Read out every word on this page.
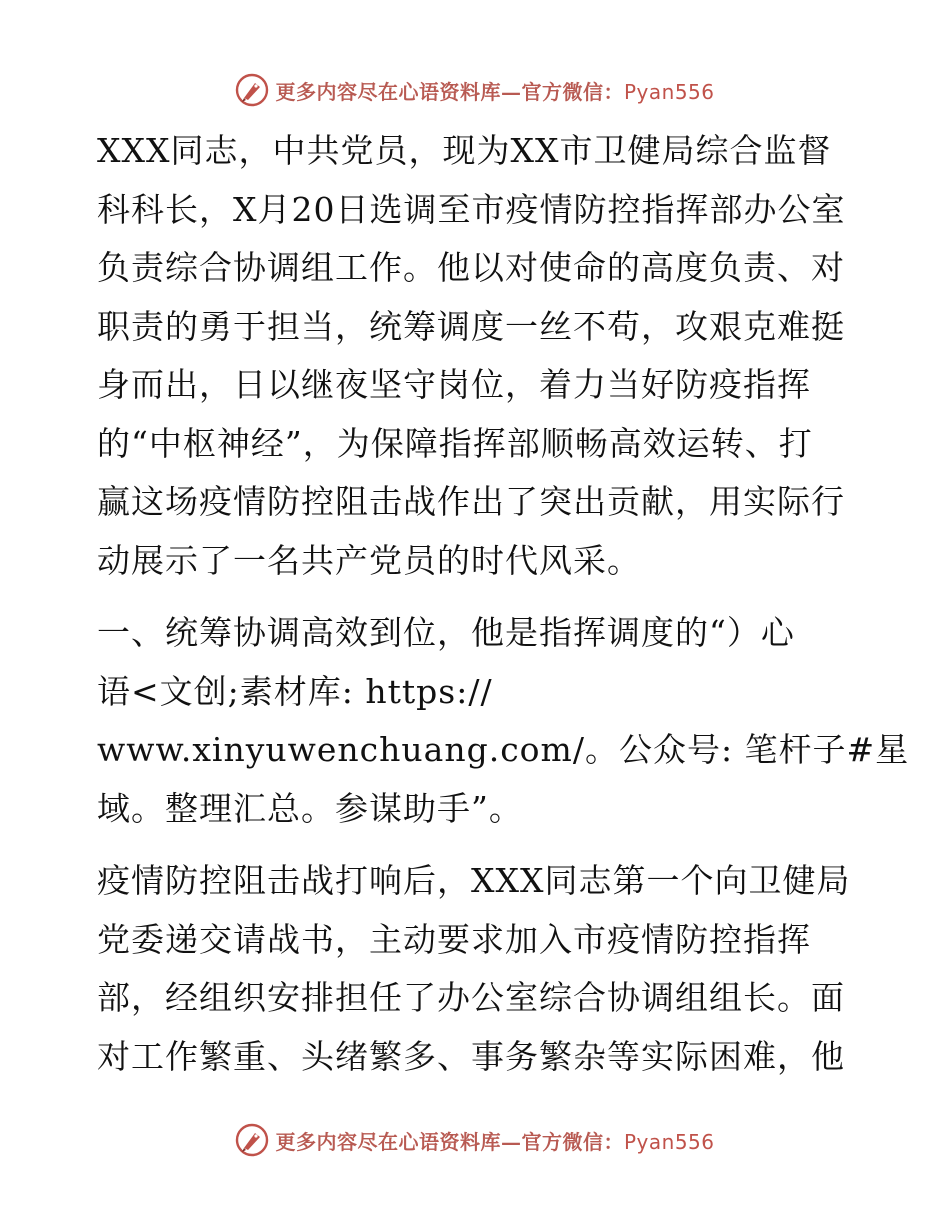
更多内容尽在心语资料库—官方微信：Pyan556

XXX同志，中共党员，现为XX市卫健局综合监督
科科长，X月20日选调至市疫情防控指挥部办公室
负责综合协调组工作。他以对使命的高度负责、对
职责的勇于担当，统筹调度一丝不苟，攻艰克难挺
身而出，日以继夜坚守岗位，着力当好防疫指挥
的“中枢神经”，为保障指挥部顺畅高效运转、打
赢这场疫情防控阻击战作出了突出贡献，用实际行
动展示了一名共产党员的时代风采。

一、统筹协调高效到位，他是指挥调度的“）心
语<文创;素材库: https://
www.xinyuwenchuang.com/。公众号: 笔杆子#星
域。整理汇总。参谋助手”。

疫情防控阻击战打响后，XXX同志第一个向卫健局
党委递交请战书，主动要求加入市疫情防控指挥
部，经组织安排担任了办公室综合协调组组长。面
对工作繁重、头绪繁多、事务繁杂等实际困难，他

更多内容尽在心语资料库—官方微信：Pyan556
